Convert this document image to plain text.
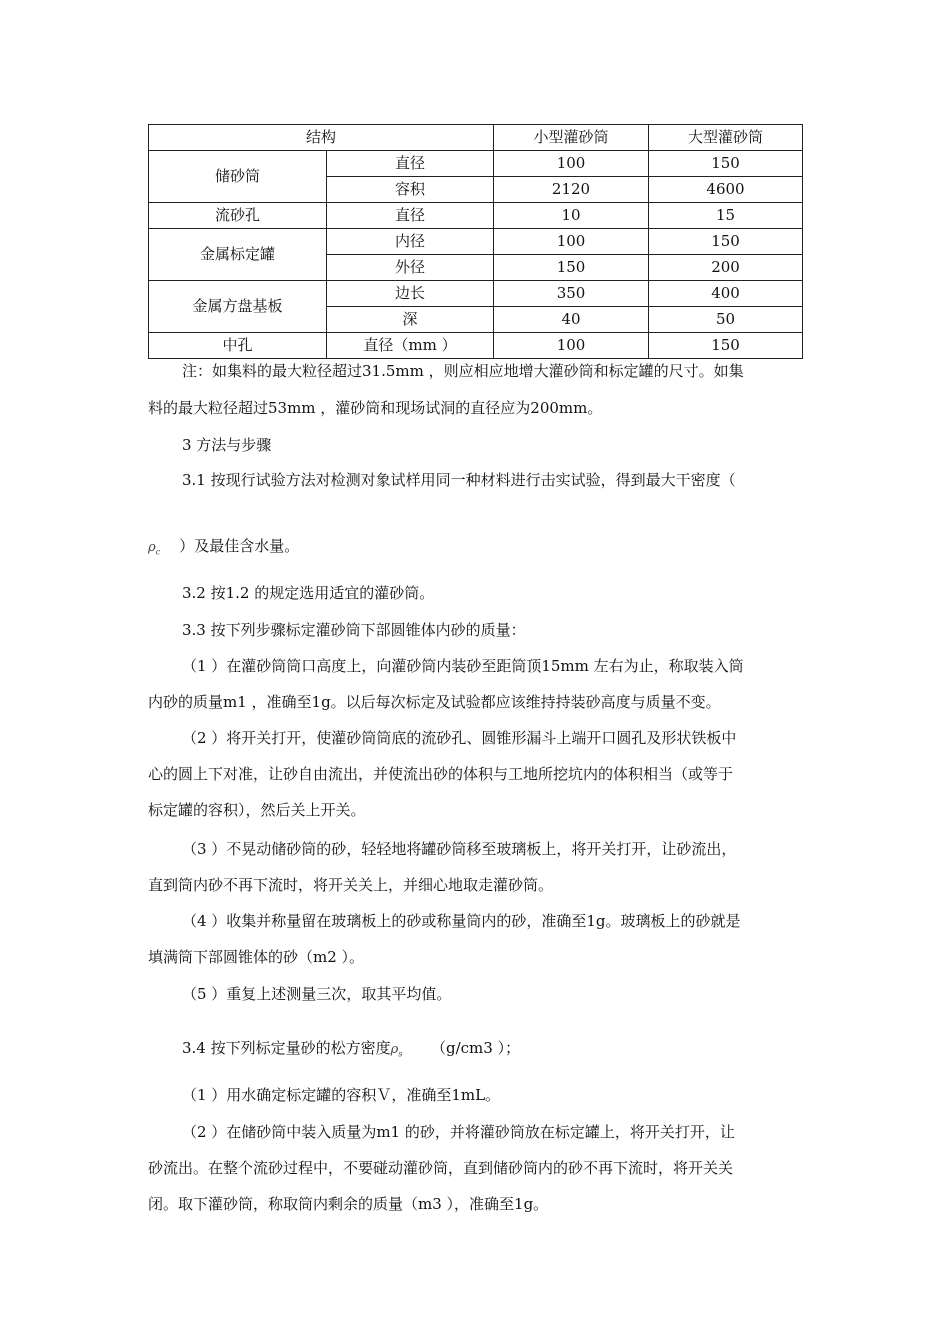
结构		小型灌砂筒	大型灌砂筒
储砂筒	直径	100	150
	容积	2120	4600
流砂孔	直径	10	15
金属标定罐	内径	100	150
	外径	150	200
金属方盘基板	边长	350	400
	深	40	50
中孔	直径（mm ）	100	150
注：如集料的最大粒径超过31.5mm ，则应相应地增大灌砂筒和标定罐的尺寸。如集
料的最大粒径超过53mm ，灌砂筒和现场试洞的直径应为200mm。
3 方法与步骤
3.1 按现行试验方法对检测对象试样用同一种材料进行击实试验，得到最大干密度（
$\rho_c$ ）及最佳含水量。
3.2 按1.2 的规定选用适宜的灌砂筒。
3.3 按下列步骤标定灌砂筒下部圆锥体内砂的质量：
（1 ）在灌砂筒筒口高度上，向灌砂筒内装砂至距筒顶15mm 左右为止，称取装入筒
内砂的质量m1 ，准确至1g。以后每次标定及试验都应该维持持装砂高度与质量不变。
（2 ）将开关打开，使灌砂筒筒底的流砂孔、圆锥形漏斗上端开口圆孔及形状铁板中
心的圆上下对准，让砂自由流出，并使流出砂的体积与工地所挖坑内的体积相当（或等于
标定罐的容积），然后关上开关。
（3 ）不晃动储砂筒的砂，轻轻地将罐砂筒移至玻璃板上，将开关打开，让砂流出，
直到筒内砂不再下流时，将开关关上，并细心地取走灌砂筒。
（4 ）收集并称量留在玻璃板上的砂或称量筒内的砂，准确至1g。玻璃板上的砂就是
填满筒下部圆锥体的砂（m2 ）。
（5 ）重复上述测量三次，取其平均值。
3.4 按下列标定量砂的松方密度$\rho_s$ （g/cm3 ）；
（1 ）用水确定标定罐的容积Ｖ，准确至1mL。
（2 ）在储砂筒中装入质量为m1 的砂，并将灌砂筒放在标定罐上，将开关打开，让
砂流出。在整个流砂过程中，不要碰动灌砂筒，直到储砂筒内的砂不再下流时，将开关关
闭。取下灌砂筒，称取筒内剩余的质量（m3 ），准确至1g。
